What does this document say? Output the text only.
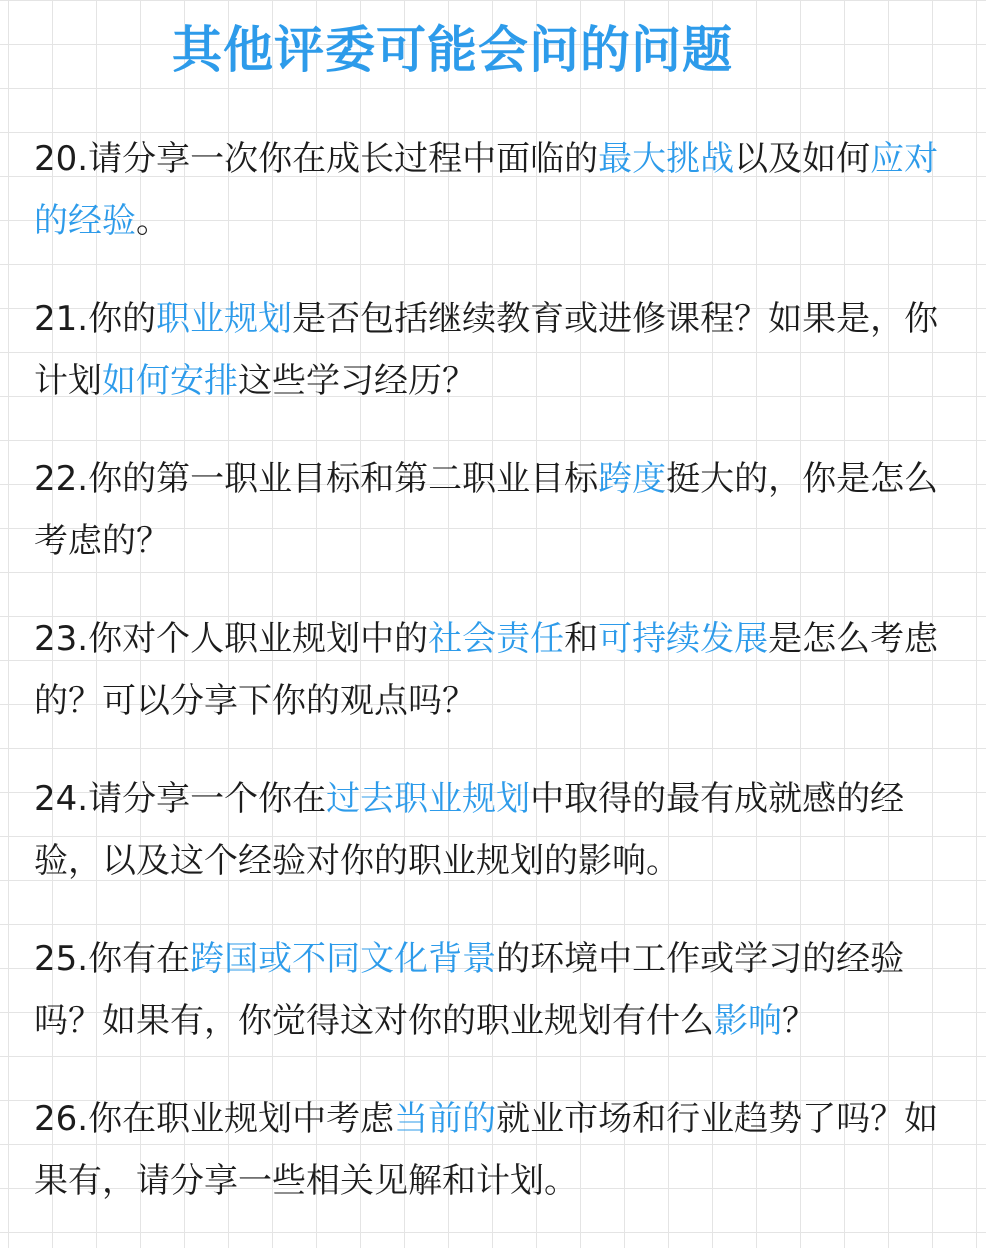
其他评委可能会问的问题
20.请分享一次你在成长过程中面临的最大挑战以及如何应对的经验。
21.你的职业规划是否包括继续教育或进修课程？如果是，你计划如何安排这些学习经历？
22.你的第一职业目标和第二职业目标跨度挺大的，你是怎么考虑的？
23.你对个人职业规划中的社会责任和可持续发展是怎么考虑的？可以分享下你的观点吗？
24.请分享一个你在过去职业规划中取得的最有成就感的经验，以及这个经验对你的职业规划的影响。
25.你有在跨国或不同文化背景的环境中工作或学习的经验吗？如果有，你觉得这对你的职业规划有什么影响？
26.你在职业规划中考虑当前的就业市场和行业趋势了吗？如果有，请分享一些相关见解和计划。
